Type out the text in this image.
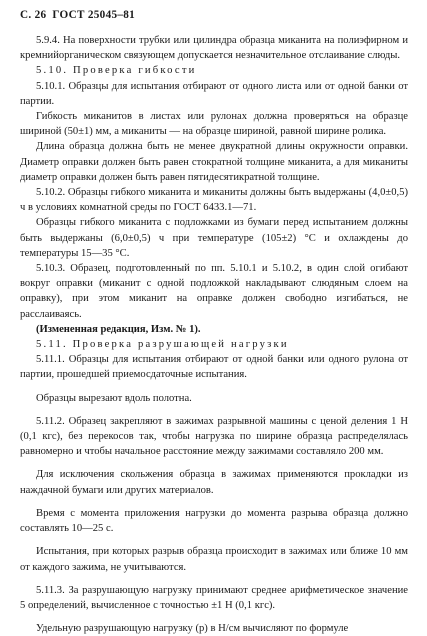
С. 26 ГОСТ 25045–81

5.9.4. На поверхности трубки или цилиндра образца миканита на полиэфирном и кремнийорганическом связующем допускается незначительное отслаивание слюды.

5.10. Проверка гибкости

5.10.1. Образцы для испытания отбирают от одного листа или от одной банки от партии.

Гибкость миканитов в листах или рулонах должна проверяться на образце шириной (50±1) мм, а миканиты — на образце шириной, равной ширине ролика.

Длина образца должна быть не менее двукратной длины окружности оправки. Диаметр оправки должен быть равен стократной толщине миканита, а для миканиты диаметр оправки должен быть равен пятидесятикратной толщине.

5.10.2. Образцы гибкого миканита и миканиты должны быть выдержаны (4,0±0,5) ч в условиях комнатной среды по ГОСТ 6433.1—71.

Образцы гибкого миканита с подложками из бумаги перед испытанием должны быть выдержаны (6,0±0,5) ч при температуре (105±2) °С и охлаждены до температуры 15—35 °С.

5.10.3. Образец, подготовленный по пп. 5.10.1 и 5.10.2, в один слой огибают вокруг оправки (миканит с одной подложкой накладывают слюдяным слоем на оправку), при этом миканит на оправке должен свободно изгибаться, не расслаиваясь.

(Измененная редакция, Изм. № 1).

5.11. Проверка разрушающей нагрузки

5.11.1. Образцы для испытания отбирают от одной банки или одного рулона от партии, прошедшей приемосдаточные испытания.

Образцы вырезают вдоль полотна.

5.11.2. Образец закрепляют в зажимах разрывной машины с ценой деления 1 Н (0,1 кгс), без перекосов так, чтобы нагрузка по ширине образца распределялась равномерно и чтобы начальное расстояние между зажимами составляло 200 мм.

Для исключения скольжения образца в зажимах применяются прокладки из наждачной бумаги или других материалов.

Время с момента приложения нагрузки до момента разрыва образца должно составлять 10—25 с.

Испытания, при которых разрыв образца происходит в зажимах или ближе 10 мм от каждого зажима, не учитываются.

5.11.3. За разрушающую нагрузку принимают среднее арифметическое значение 5 определений, вычисленное с точностью ±1 Н (0,1 кгс).

Удельную разрушающую нагрузку (p) в Н/см вычисляют по формуле
